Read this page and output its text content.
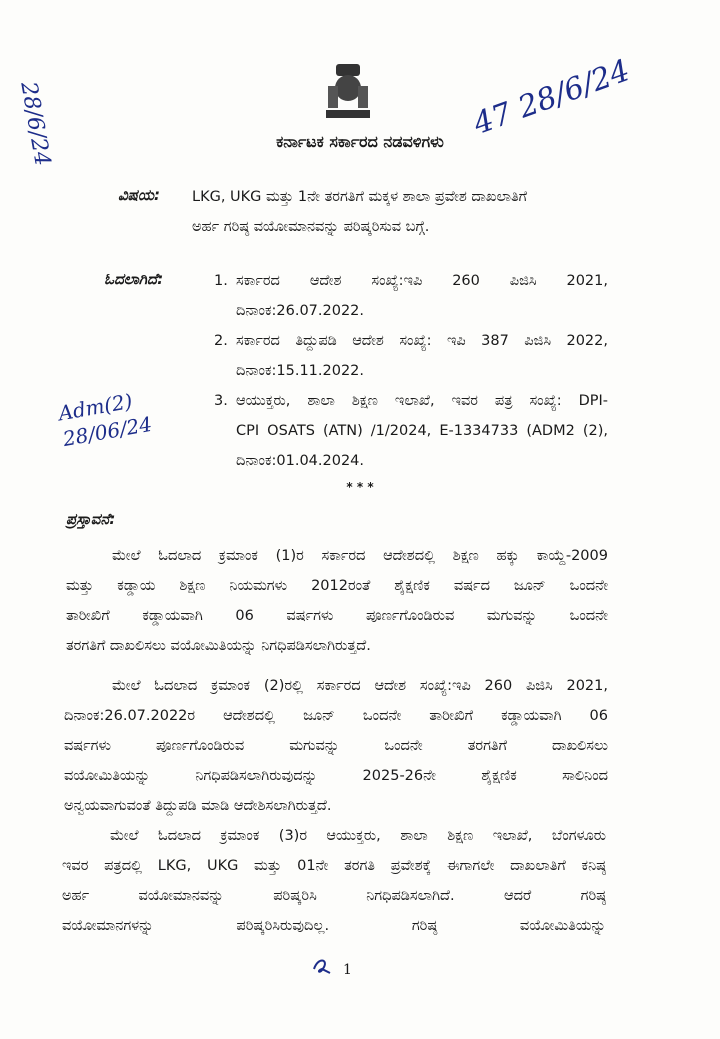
28/6/24	47 28/6/24
Adm(2) 28/06/24
ಕರ್ನಾಟಕ ಸರ್ಕಾರದ ನಡವಳಿಗಳು
ವಿಷಯ: LKG, UKG ಮತ್ತು 1ನೇ ತರಗತಿಗೆ ಮಕ್ಕಳ ಶಾಲಾ ಪ್ರವೇಶ ದಾಖಲಾತಿಗೆ
ಅರ್ಹ ಗರಿಷ್ಠ ವಯೋಮಾನವನ್ನು ಪರಿಷ್ಕರಿಸುವ ಬಗ್ಗೆ.
ಓದಲಾಗಿದೆ:	1. ಸರ್ಕಾರದ ಆದೇಶ ಸಂಖ್ಯೆ:ಇಪಿ 260 ಪಿಜಿಸಿ 2021,
ದಿನಾಂಕ:26.07.2022.
2. ಸರ್ಕಾರದ ತಿದ್ದುಪಡಿ ಆದೇಶ ಸಂಖ್ಯೆ: ಇಪಿ 387 ಪಿಜಿಸಿ 2022,
ದಿನಾಂಕ:15.11.2022.
3. ಆಯುಕ್ತರು, ಶಾಲಾ ಶಿಕ್ಷಣ ಇಲಾಖೆ, ಇವರ ಪತ್ರ ಸಂಖ್ಯೆ: DPI-
CPI OSATS (ATN) /1/2024, E-1334733 (ADM2 (2),
ದಿನಾಂಕ:01.04.2024.
* * *
ಪ್ರಸ್ತಾವನೆ:
ಮೇಲೆ ಓದಲಾದ ಕ್ರಮಾಂಕ (1)ರ ಸರ್ಕಾರದ ಆದೇಶದಲ್ಲಿ ಶಿಕ್ಷಣ ಹಕ್ಕು ಕಾಯ್ದೆ-2009
ಮತ್ತು ಕಡ್ಡಾಯ ಶಿಕ್ಷಣ ನಿಯಮಗಳು 2012ರಂತೆ ಶೈಕ್ಷಣಿಕ ವರ್ಷದ ಜೂನ್ ಒಂದನೇ
ತಾರೀಖಿಗೆ ಕಡ್ಡಾಯವಾಗಿ 06 ವರ್ಷಗಳು ಪೂರ್ಣಗೊಂಡಿರುವ ಮಗುವನ್ನು ಒಂದನೇ
ತರಗತಿಗೆ ದಾಖಲಿಸಲು ವಯೋಮಿತಿಯನ್ನು ನಿಗಧಿಪಡಿಸಲಾಗಿರುತ್ತದೆ.
ಮೇಲೆ ಓದಲಾದ ಕ್ರಮಾಂಕ (2)ರಲ್ಲಿ ಸರ್ಕಾರದ ಆದೇಶ ಸಂಖ್ಯೆ:ಇಪಿ 260 ಪಿಜಿಸಿ 2021,
ದಿನಾಂಕ:26.07.2022ರ ಆದೇಶದಲ್ಲಿ ಜೂನ್ ಒಂದನೇ ತಾರೀಖಿಗೆ ಕಡ್ಡಾಯವಾಗಿ 06
ವರ್ಷಗಳು ಪೂರ್ಣಗೊಂಡಿರುವ ಮಗುವನ್ನು ಒಂದನೇ ತರಗತಿಗೆ ದಾಖಲಿಸಲು
ವಯೋಮಿತಿಯನ್ನು ನಿಗಧಿಪಡಿಸಲಾಗಿರುವುದನ್ನು 2025-26ನೇ ಶೈಕ್ಷಣಿಕ ಸಾಲಿನಿಂದ
ಅನ್ವಯವಾಗುವಂತೆ ತಿದ್ದುಪಡಿ ಮಾಡಿ ಆದೇಶಿಸಲಾಗಿರುತ್ತದೆ.
ಮೇಲೆ ಓದಲಾದ ಕ್ರಮಾಂಕ (3)ರ ಆಯುಕ್ತರು, ಶಾಲಾ ಶಿಕ್ಷಣ ಇಲಾಖೆ, ಬೆಂಗಳೂರು
ಇವರ ಪತ್ರದಲ್ಲಿ LKG, UKG ಮತ್ತು 01ನೇ ತರಗತಿ ಪ್ರವೇಶಕ್ಕೆ ಈಗಾಗಲೇ ದಾಖಲಾತಿಗೆ ಕನಿಷ್ಠ
ಅರ್ಹ ವಯೋಮಾನವನ್ನು ಪರಿಷ್ಕರಿಸಿ ನಿಗಧಿಪಡಿಸಲಾಗಿದೆ. ಆದರೆ ಗರಿಷ್ಠ
ವಯೋಮಾನಗಳನ್ನು ಪರಿಷ್ಕರಿಸಿರುವುದಿಲ್ಲ. ಗರಿಷ್ಠ ವಯೋಮಿತಿಯನ್ನು
1
